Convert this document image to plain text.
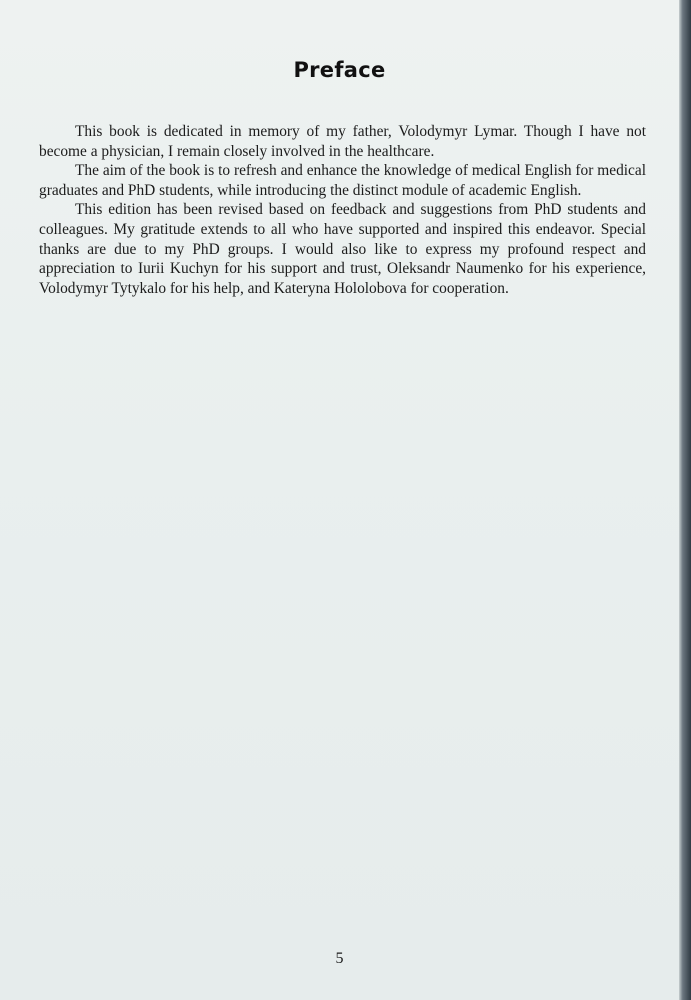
Preface

This book is dedicated in memory of my father, Volodymyr Lymar. Though I have not become a physician, I remain closely involved in the healthcare.

The aim of the book is to refresh and enhance the knowledge of medical English for medical graduates and PhD students, while introducing the distinct module of academic English.

This edition has been revised based on feedback and suggestions from PhD students and colleagues. My gratitude extends to all who have supported and inspired this endeavor. Special thanks are due to my PhD groups. I would also like to express my profound respect and appreciation to Iurii Kuchyn for his support and trust, Oleksandr Naumenko for his experience, Volodymyr Tytykalo for his help, and Kateryna Hololobova for cooperation.

5
